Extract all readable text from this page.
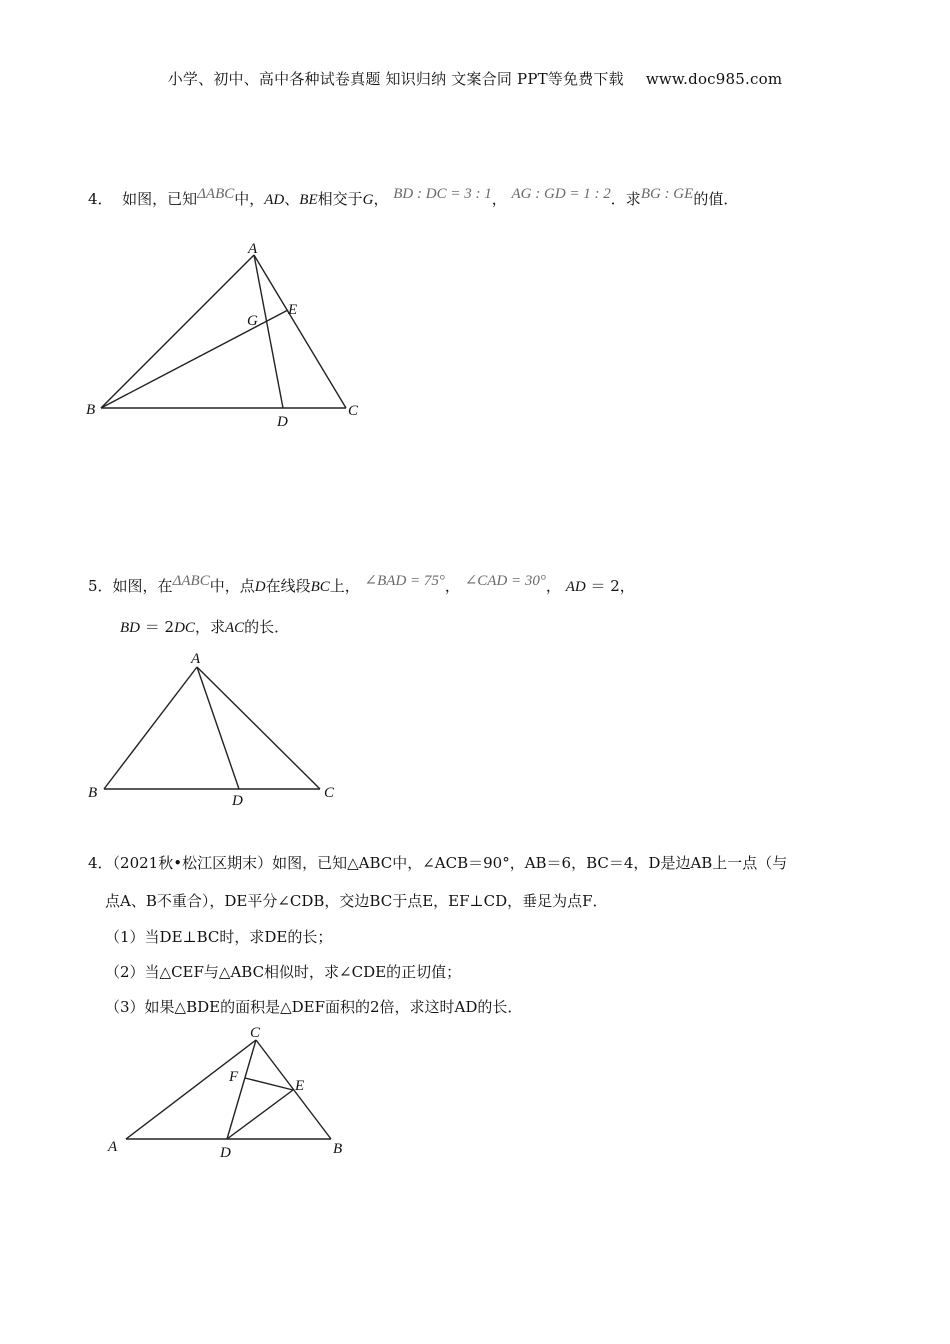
小学、初中、高中各种试卷真题 知识归纳 文案合同 PPT等免费下载 www.doc985.com
4． 如图，已知$^{\Delta ABC}$中，AD、BE相交于G， $^{BD : DC = 3 : 1}$， $^{AG : GD = 1 : 2}$．求$^{BG : GE}$的值．
A
B	C
D
E
G
5．如图，在$^{\Delta ABC}$中，点D在线段BC上， $^{\angle BAD = 75^\circ}$， $^{\angle CAD = 30^\circ}$， AD ＝ 2，
BD ＝ 2DC，求AC的长．
A
B	C
D
4．（2021秋•松江区期末）如图，已知△ABC中，∠ACB＝90°，AB＝6，BC＝4，D是边AB上一点（与
点A、B不重合），DE平分∠CDB，交边BC于点E，EF⊥CD，垂足为点F．
（1）当DE⊥BC时，求DE的长；
（2）当△CEF与△ABC相似时，求∠CDE的正切值；
（3）如果△BDE的面积是△DEF面积的2倍，求这时AD的长．
C
F
E
A	D	B
